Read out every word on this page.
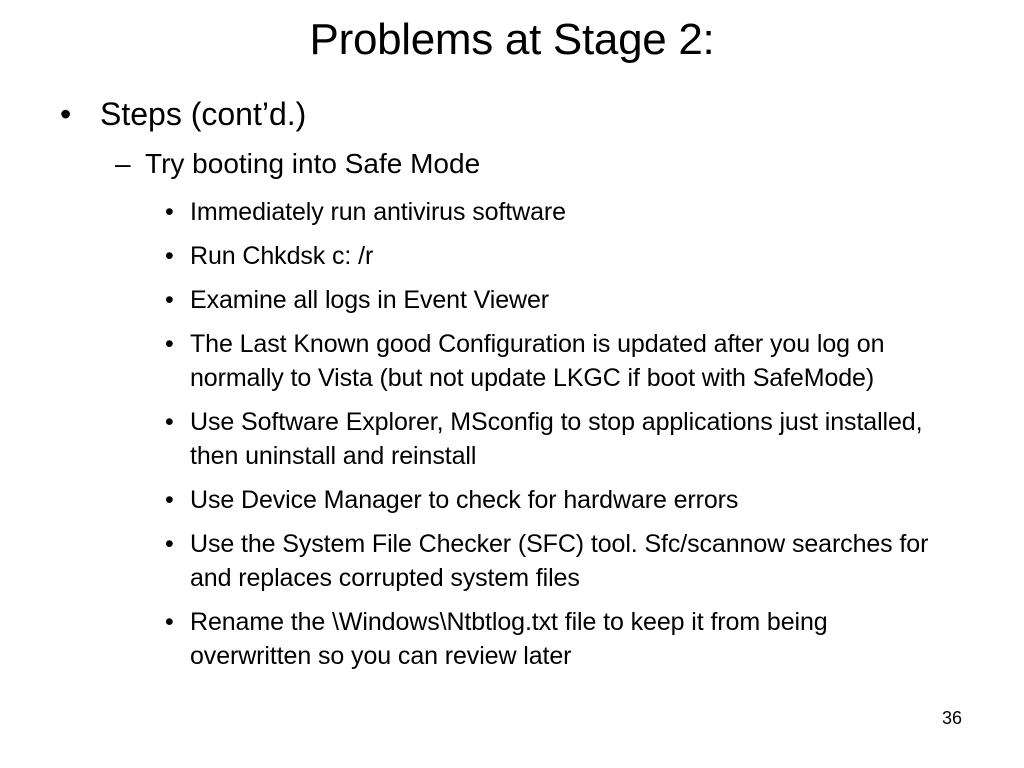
Problems at Stage 2:
• Steps (cont’d.)
– Try booting into Safe Mode
• Immediately run antivirus software
• Run Chkdsk c: /r
• Examine all logs in Event Viewer
• The Last Known good Configuration is updated after you log on normally to Vista (but not update LKGC if boot with SafeMode)
• Use Software Explorer, MSconfig to stop applications just installed, then uninstall and reinstall
• Use Device Manager to check for hardware errors
• Use the System File Checker (SFC) tool. Sfc/scannow searches for and replaces corrupted system files
• Rename the \Windows\Ntbtlog.txt file to keep it from being overwritten so you can review later
36
